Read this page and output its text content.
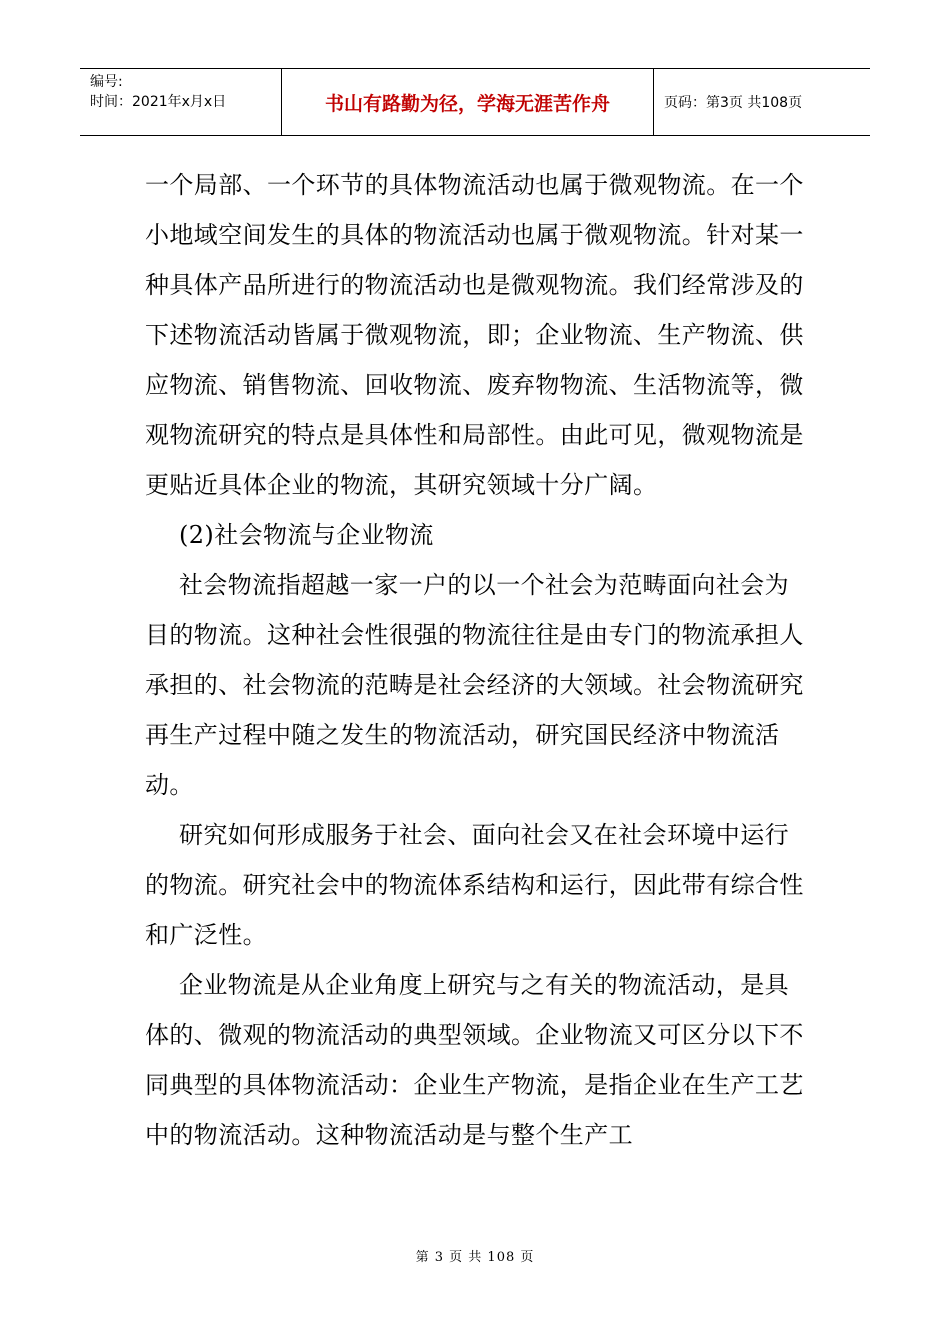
编号:
时间：2021年x月x日	书山有路勤为径，学海无涯苦作舟	页码：第3页 共108页

一个局部、一个环节的具体物流活动也属于微观物流。在一个小地域空间发生的具体的物流活动也属于微观物流。针对某一种具体产品所进行的物流活动也是微观物流。我们经常涉及的下述物流活动皆属于微观物流，即；企业物流、生产物流、供应物流、销售物流、回收物流、废弃物物流、生活物流等，微观物流研究的特点是具体性和局部性。由此可见，微观物流是更贴近具体企业的物流，其研究领域十分广阔。

(2)社会物流与企业物流

社会物流指超越一家一户的以一个社会为范畴面向社会为目的物流。这种社会性很强的物流往往是由专门的物流承担人承担的、社会物流的范畴是社会经济的大领域。社会物流研究再生产过程中随之发生的物流活动，研究国民经济中物流活动。

研究如何形成服务于社会、面向社会又在社会环境中运行的物流。研究社会中的物流体系结构和运行，因此带有综合性和广泛性。

企业物流是从企业角度上研究与之有关的物流活动，是具体的、微观的物流活动的典型领域。企业物流又可区分以下不同典型的具体物流活动：企业生产物流，是指企业在生产工艺中的物流活动。这种物流活动是与整个生产工

第 3 页 共 108 页
